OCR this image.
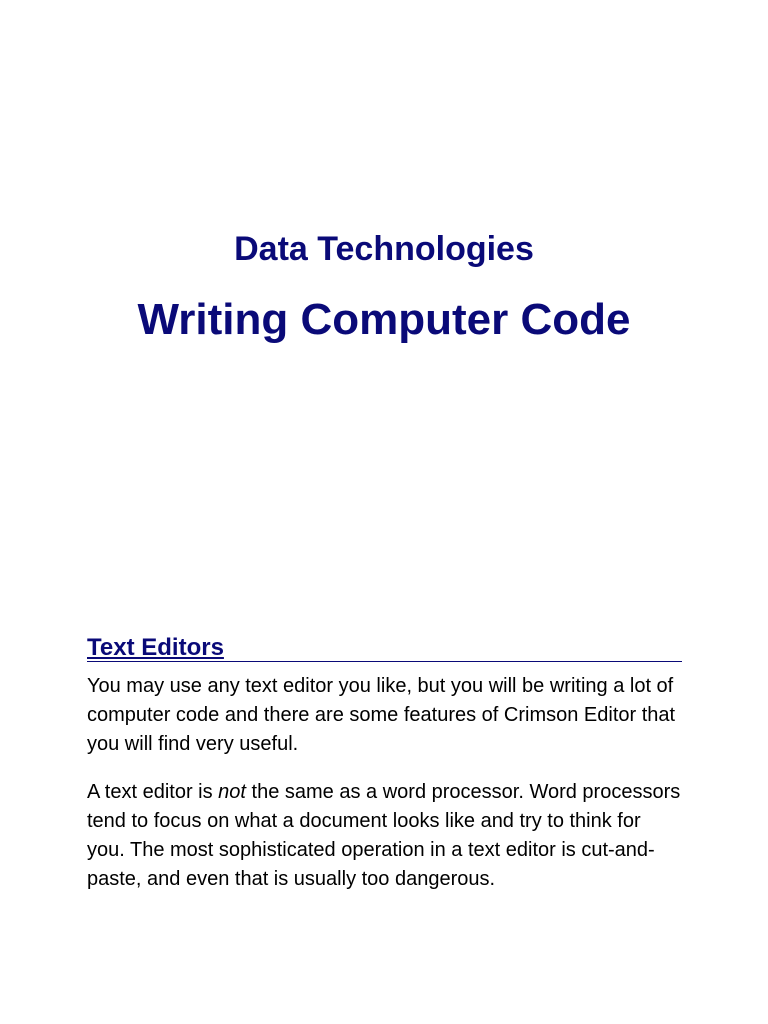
Data Technologies
Writing Computer Code
Text Editors

You may use any text editor you like, but you will be writing a lot of computer code and there are some features of Crimson Editor that you will find very useful.

A text editor is not the same as a word processor. Word processors tend to focus on what a document looks like and try to think for you. The most sophisticated operation in a text editor is cut-and-paste, and even that is usually too dangerous.
